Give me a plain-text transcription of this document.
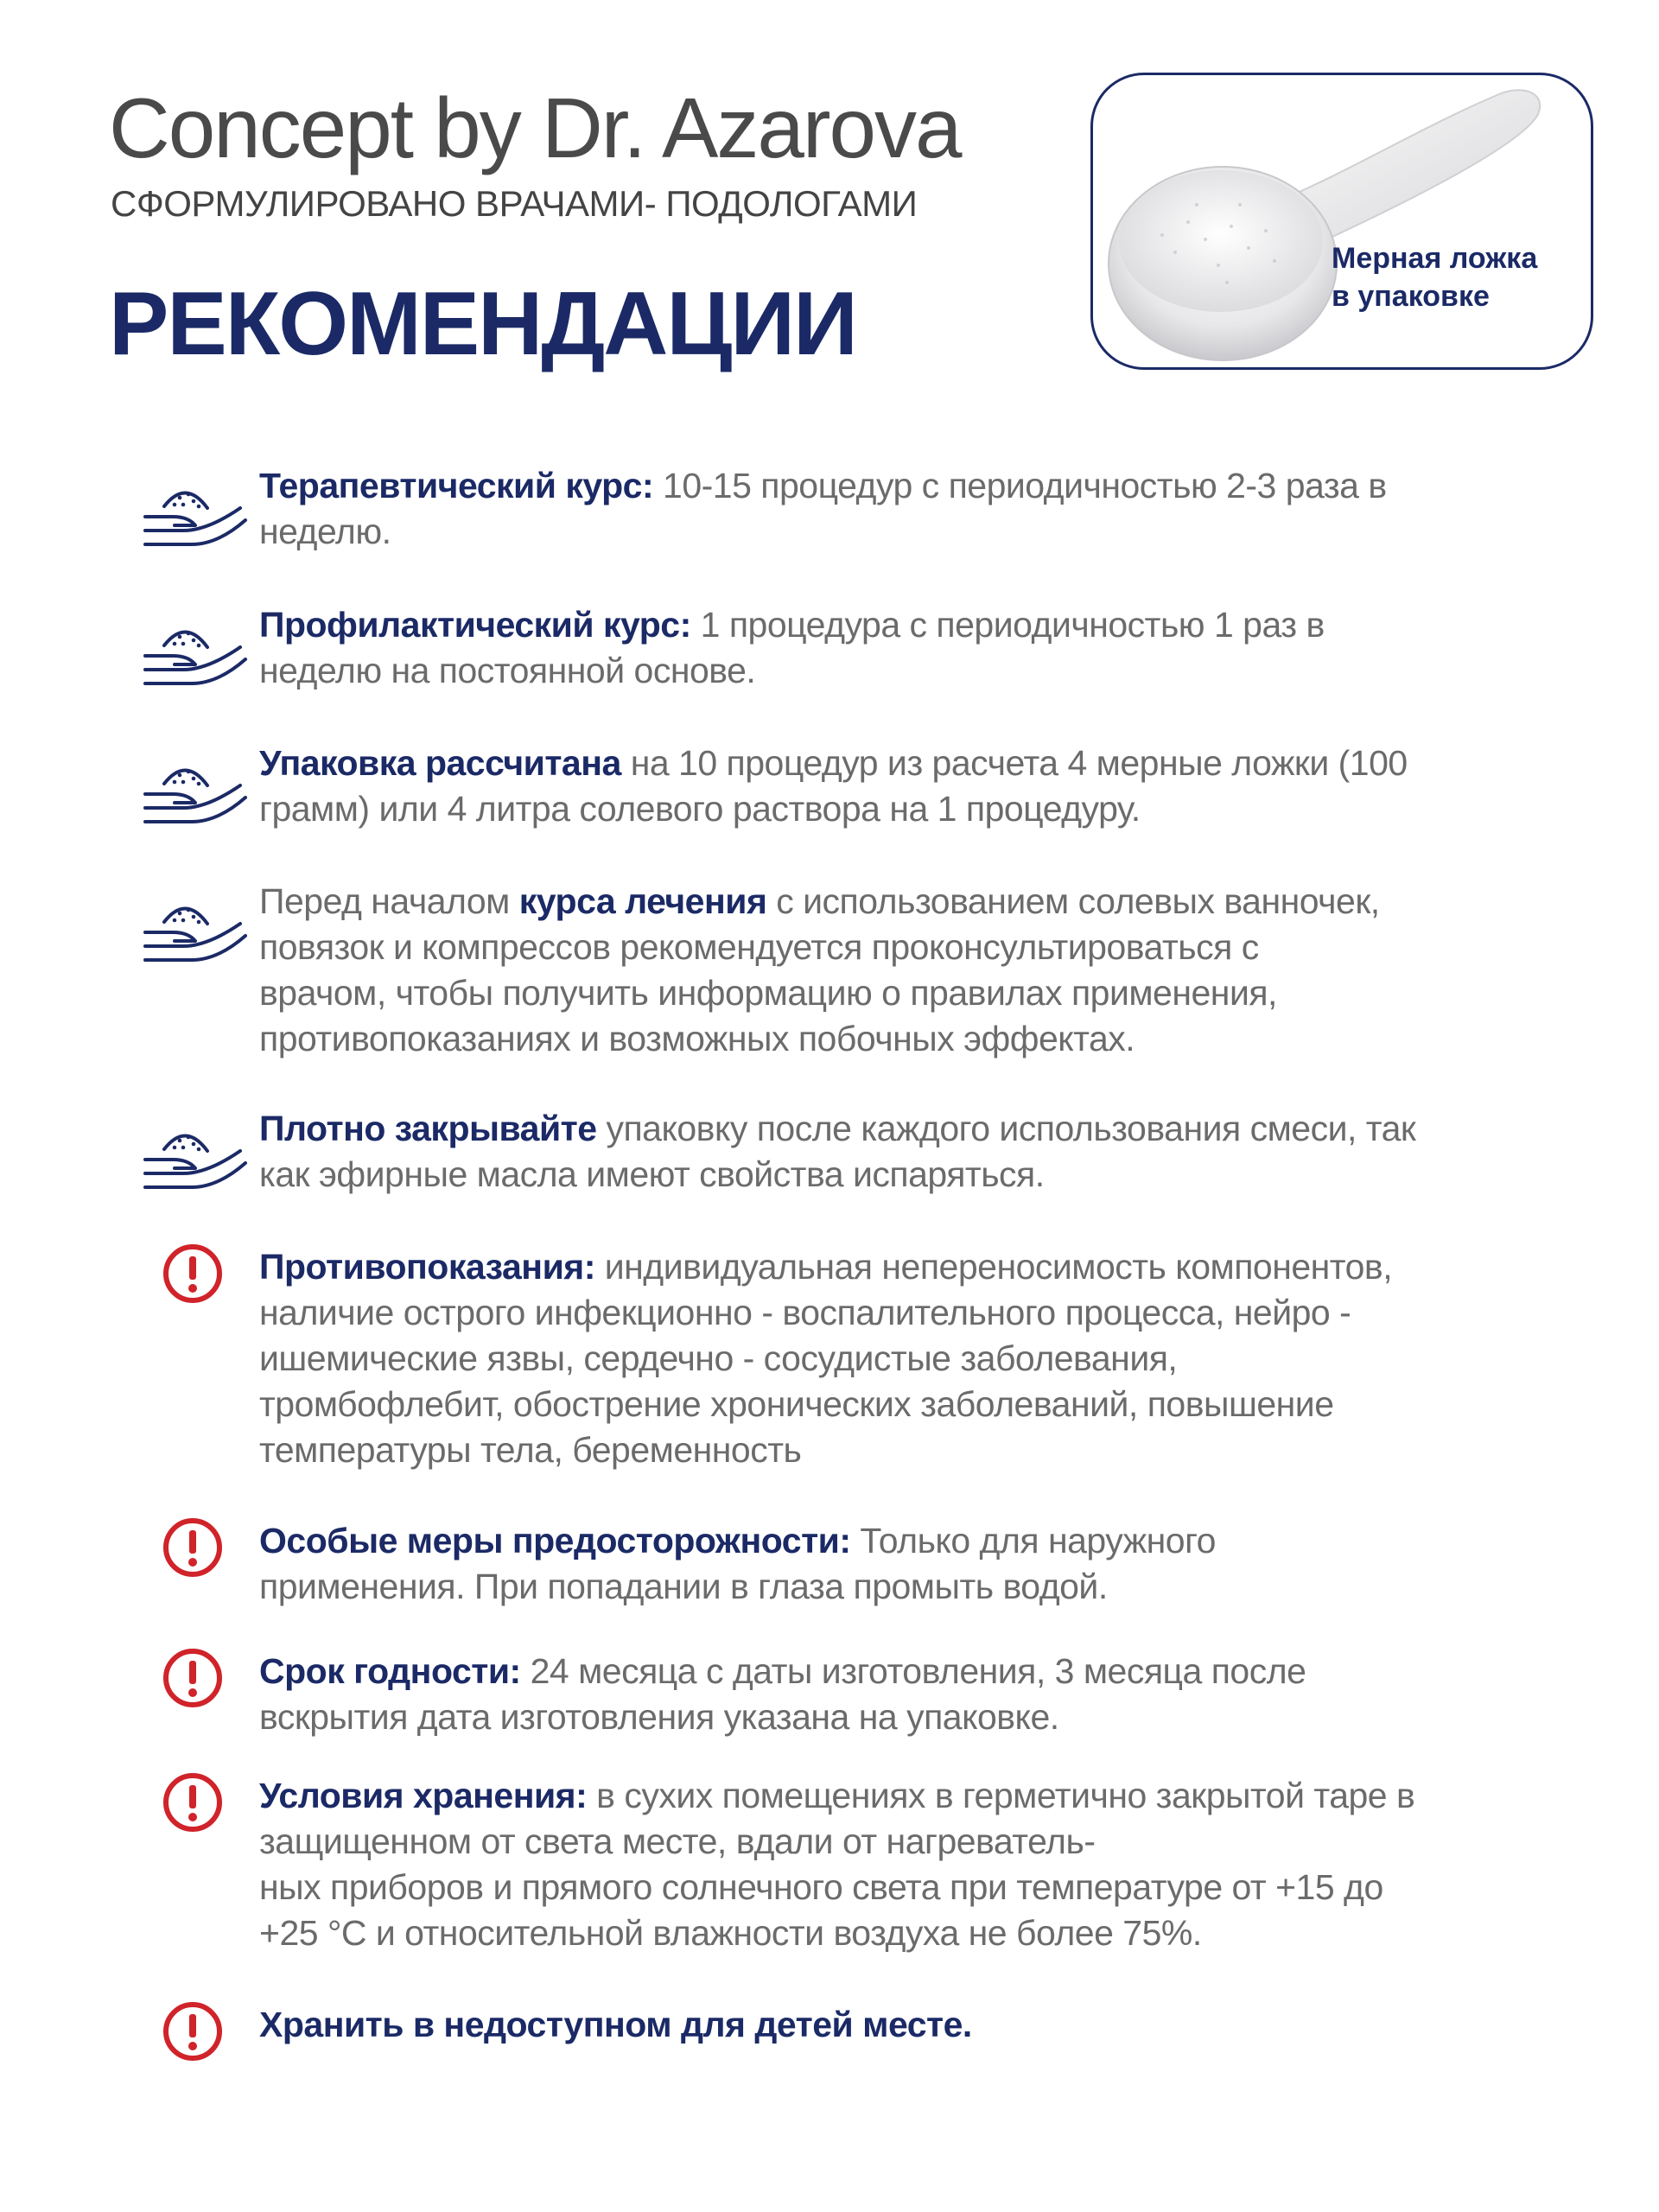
Concept by Dr. Azarova
СФОРМУЛИРОВАНО ВРАЧАМИ- ПОДОЛОГАМИ
РЕКОМЕНДАЦИИ
Мерная ложка
в упаковке
Терапевтический курс: 10-15 процедур с периодичностью 2-3 раза в
неделю.
Профилактический курс: 1 процедура с периодичностью 1 раз в
неделю на постоянной основе.
Упаковка рассчитана на 10 процедур из расчета 4 мерные ложки (100
грамм) или 4 литра солевого раствора на 1 процедуру.
Перед началом курса лечения с использованием солевых ванночек,
повязок и компрессов рекомендуется проконсультироваться с
врачом, чтобы получить информацию о правилах применения,
противопоказаниях и возможных побочных эффектах.
Плотно закрывайте упаковку после каждого использования смеси, так
как эфирные масла имеют свойства испаряться.
Противопоказания: индивидуальная непереносимость компонентов,
наличие острого инфекционно - воспалительного процесса, нейро -
ишемические язвы, сердечно - сосудистые заболевания,
тромбофлебит, обострение хронических заболеваний, повышение
температуры тела, беременность
Особые меры предосторожности: Только для наружного
применения. При попадании в глаза промыть водой.
Срок годности: 24 месяца с даты изготовления, 3 месяца после
вскрытия дата изготовления указана на упаковке.
Условия хранения: в сухих помещениях в герметично закрытой таре в
защищенном от света месте, вдали от нагреватель-
ных приборов и прямого солнечного света при температуре от +15 до
+25 °С и относительной влажности воздуха не более 75%.
Хранить в недоступном для детей месте.
